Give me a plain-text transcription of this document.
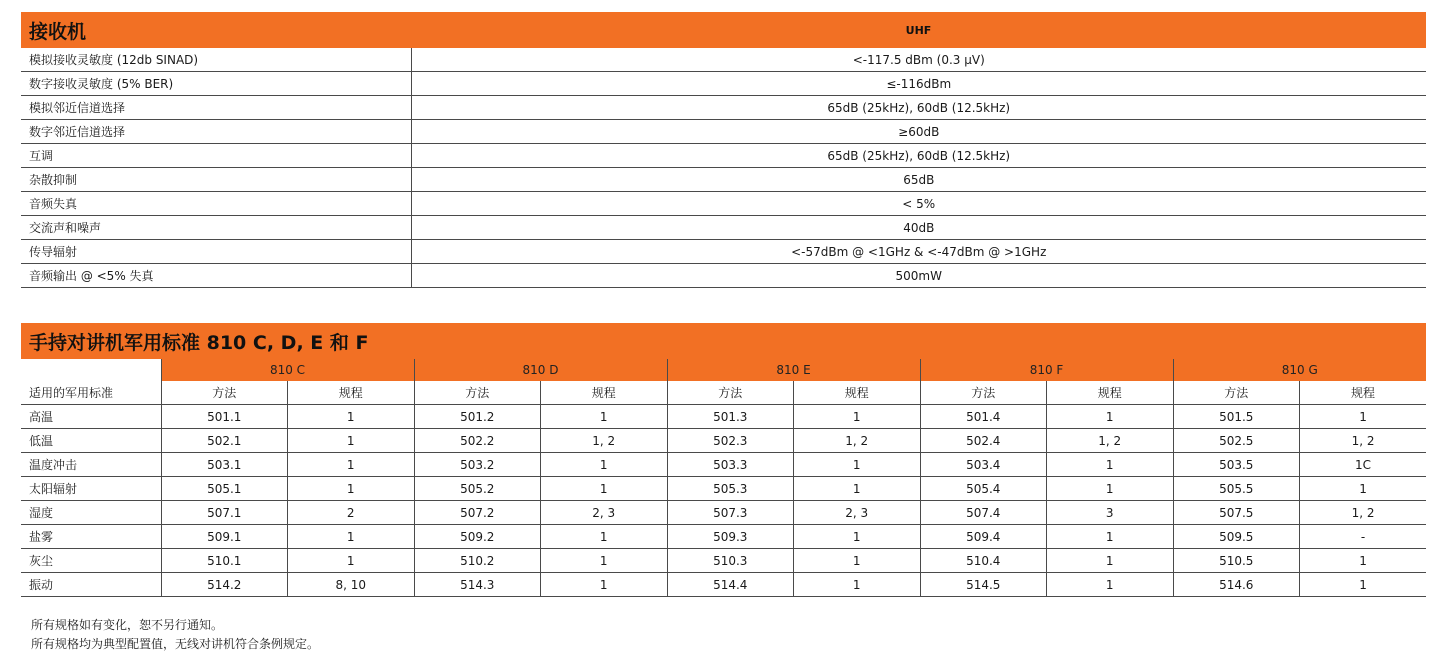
接收机	UHF
模拟接收灵敏度 (12db SINAD)	<-117.5 dBm (0.3 µV)
数字接收灵敏度 (5% BER)	≤-116dBm
模拟邻近信道选择	65dB (25kHz), 60dB (12.5kHz)
数字邻近信道选择	≥60dB
互调	65dB (25kHz), 60dB (12.5kHz)
杂散抑制	65dB
音频失真	< 5%
交流声和噪声	40dB
传导辐射	<-57dBm @ <1GHz & <-47dBm @ >1GHz
音频输出 @ <5% 失真	500mW
手持对讲机军用标准 810 C, D, E 和 F										
	810 C		810 D		810 E		810 F		810 G	
适用的军用标准	方法	规程	方法	规程	方法	规程	方法	规程	方法	规程
高温	501.1	1	501.2	1	501.3	1	501.4	1	501.5	1
低温	502.1	1	502.2	1, 2	502.3	1, 2	502.4	1, 2	502.5	1, 2
温度冲击	503.1	1	503.2	1	503.3	1	503.4	1	503.5	1C
太阳辐射	505.1	1	505.2	1	505.3	1	505.4	1	505.5	1
湿度	507.1	2	507.2	2, 3	507.3	2, 3	507.4	3	507.5	1, 2
盐雾	509.1	1	509.2	1	509.3	1	509.4	1	509.5	-
灰尘	510.1	1	510.2	1	510.3	1	510.4	1	510.5	1
振动	514.2	8, 10	514.3	1	514.4	1	514.5	1	514.6	1
所有规格如有变化，恕不另行通知。
所有规格均为典型配置值，无线对讲机符合条例规定。
